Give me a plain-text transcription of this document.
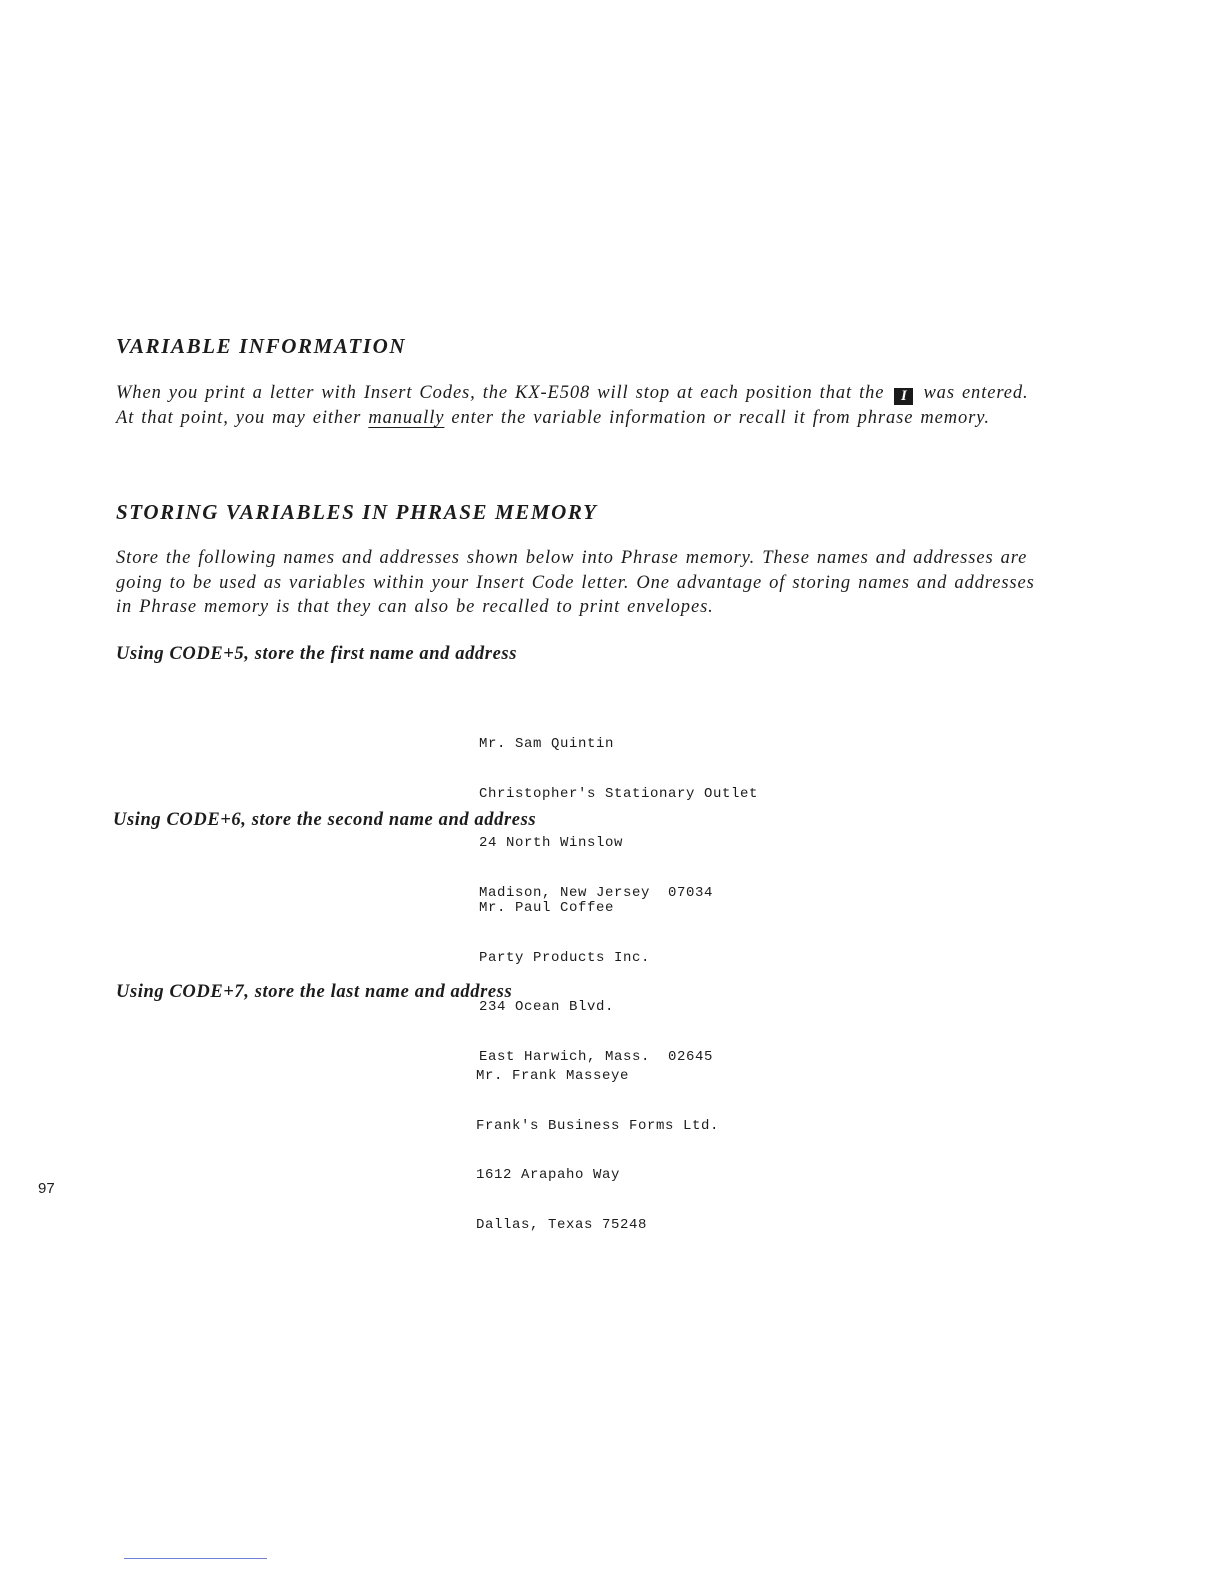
VARIABLE INFORMATION

When you print a letter with Insert Codes, the KX-E508 will stop at each position that the I was entered.
At that point, you may either manually enter the variable information or recall it from phrase memory.

STORING VARIABLES IN PHRASE MEMORY

Store the following names and addresses shown below into Phrase memory. These names and addresses are
going to be used as variables within your Insert Code letter. One advantage of storing names and addresses
in Phrase memory is that they can also be recalled to print envelopes.

Using CODE+5, store the first name and address

Mr. Sam Quintin

Christopher's Stationary Outlet

24 North Winslow

Madison, New Jersey  07034

Using CODE+6, store the second name and address

Mr. Paul Coffee

Party Products Inc.

234 Ocean Blvd.

East Harwich, Mass.  02645

Using CODE+7, store the last name and address

Mr. Frank Masseye

Frank's Business Forms Ltd.

1612 Arapaho Way

Dallas, Texas 75248

97
